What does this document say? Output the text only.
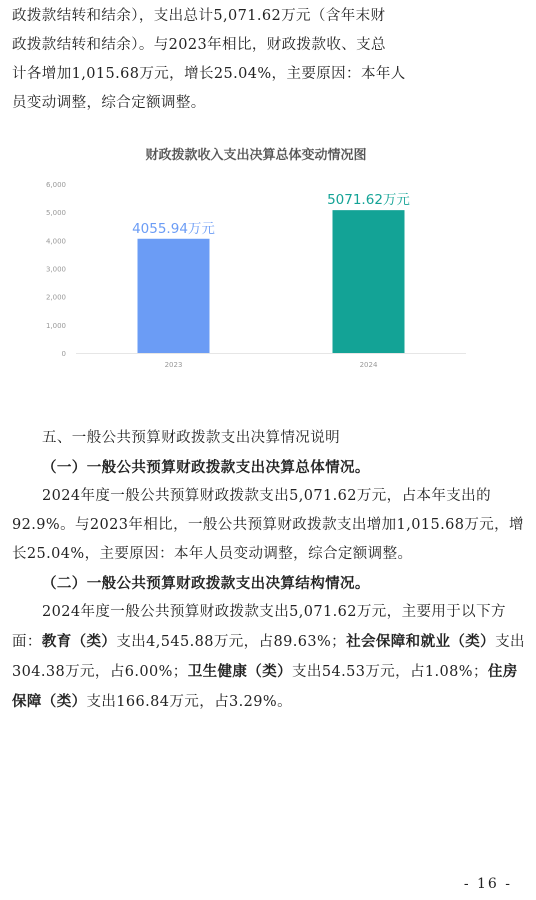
政拨款结转和结余），支出总计5,071.62万元（含年末财

政拨款结转和结余）。与2023年相比，财政拨款收、支总

计各增加1,015.68万元，增长25.04%，主要原因：本年人

员变动调整，综合定额调整。

财政拨款收入支出决算总体变动情况图
0
1,000
2,000
3,000
4,000
5,000
6,000
4055.94万元
2023
5071.62万元
2024

五、一般公共预算财政拨款支出决算情况说明

（一）一般公共预算财政拨款支出决算总体情况。

2024年度一般公共预算财政拨款支出5,071.62万元，占本年支出的92.9%。与2023年相比，一般公共预算财政拨款支出增加1,015.68万元，增长25.04%，主要原因：本年人员变动调整，综合定额调整。

（二）一般公共预算财政拨款支出决算结构情况。

2024年度一般公共预算财政拨款支出5,071.62万元，主要用于以下方面：教育（类）支出4,545.88万元，占89.63%；社会保障和就业（类）支出304.38万元，占6.00%；卫生健康（类）支出54.53万元，占1.08%；住房保障（类）支出166.84万元，占3.29%。

- 16 -
